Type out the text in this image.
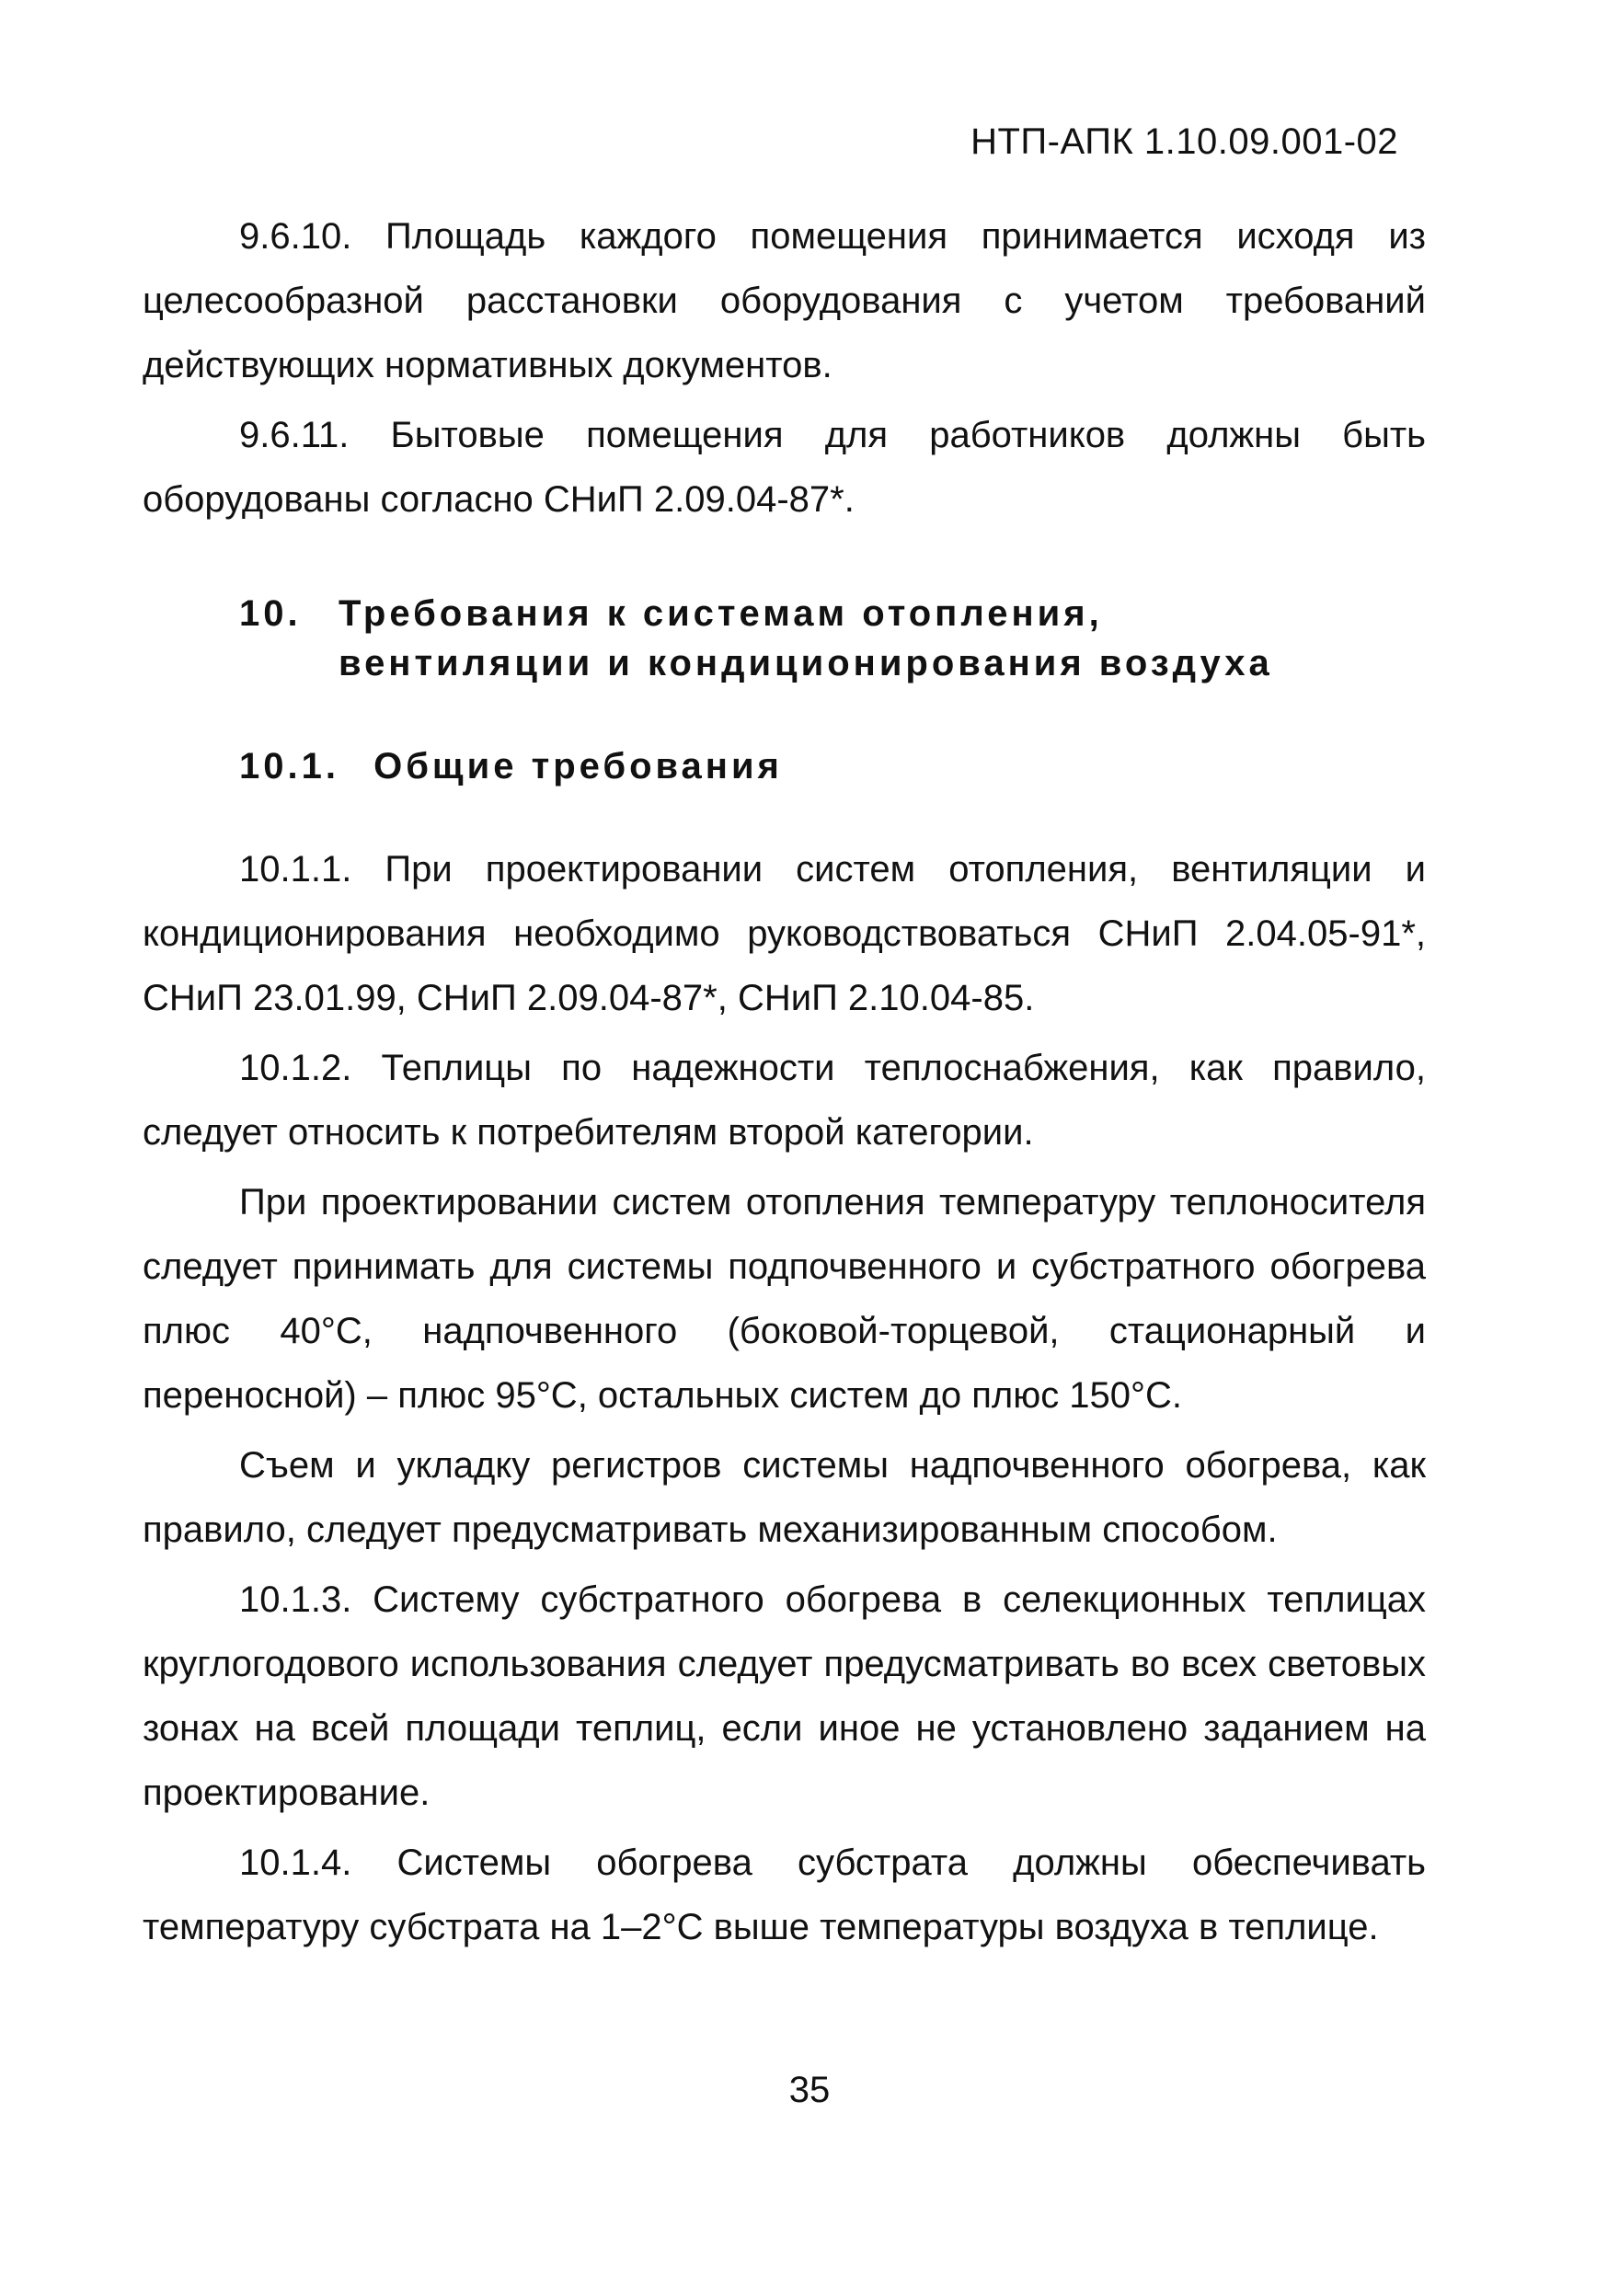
НТП-АПК 1.10.09.001-02

9.6.10. Площадь каждого помещения принимается исходя из целесообразной расстановки оборудования с учетом требований действующих нормативных документов.

9.6.11. Бытовые помещения для работников должны быть оборудованы согласно СНиП 2.09.04-87*.

10.	Требования к системам отопления,
вентиляции и кондиционирования воздуха
10.1. Общие требования

10.1.1. При проектировании систем отопления, вентиляции и кондиционирования необходимо руководствоваться СНиП 2.04.05-91*, СНиП 23.01.99, СНиП 2.09.04-87*, СНиП 2.10.04-85.

10.1.2. Теплицы по надежности теплоснабжения, как правило, следует относить к потребителям второй категории.

При проектировании систем отопления температуру теплоносителя следует принимать для системы подпочвенного и субстратного обогрева плюс 40°С, надпочвенного (боковой-торцевой, стационарный и переносной) – плюс 95°С, остальных систем до плюс 150°С.

Съем и укладку регистров системы надпочвенного обогрева, как правило, следует предусматривать механизированным способом.

10.1.3. Систему субстратного обогрева в селекционных теплицах круглогодового использования следует предусматривать во всех световых зонах на всей площади теплиц, если иное не установлено заданием на проектирование.

10.1.4. Системы обогрева субстрата должны обеспечивать температуру субстрата на 1–2°С выше температуры воздуха в теплице.

35
